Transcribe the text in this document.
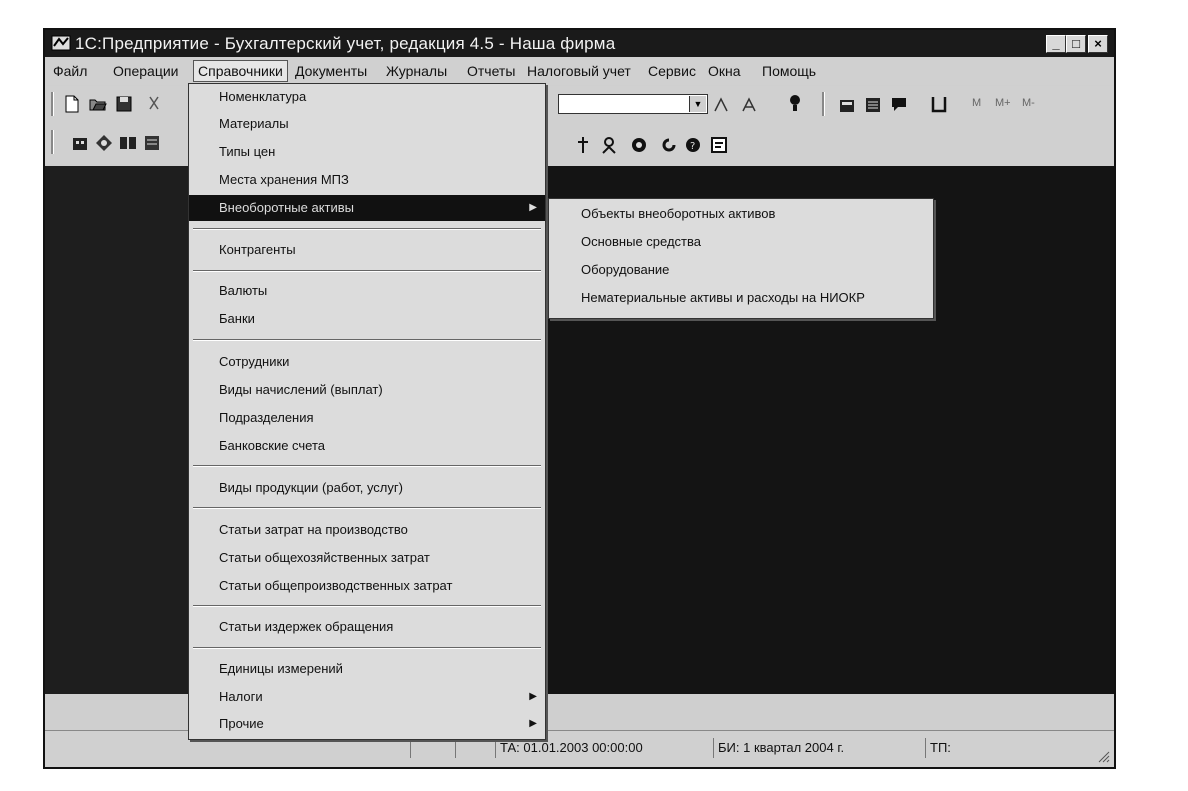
1С:Предприятие - Бухгалтерский учет, редакция 4.5 - Наша фирма	_ □	×
Файл Операции	Справочники Документы Журналы Отчеты Налоговый учет Сервис Окна Помощь
▼	M M+ M-
?
ТА: 01.01.2003 00:00:00	БИ: 1 квартал 2004 г.	ТП:
Номенклатура
Материалы
Типы цен
Места хранения МПЗ
Внеоборотные активы	▶
Контрагенты
Валюты
Банки
Сотрудники
Виды начислений (выплат)
Подразделения
Банковские счета
Виды продукции (работ, услуг)
Статьи затрат на производство
Статьи общехозяйственных затрат
Статьи общепроизводственных затрат
Статьи издержек обращения
Единицы измерений
Налоги	▶
Прочие	▶
Объекты внеоборотных активов
Основные средства
Оборудование
Нематериальные активы и расходы на НИОКР
